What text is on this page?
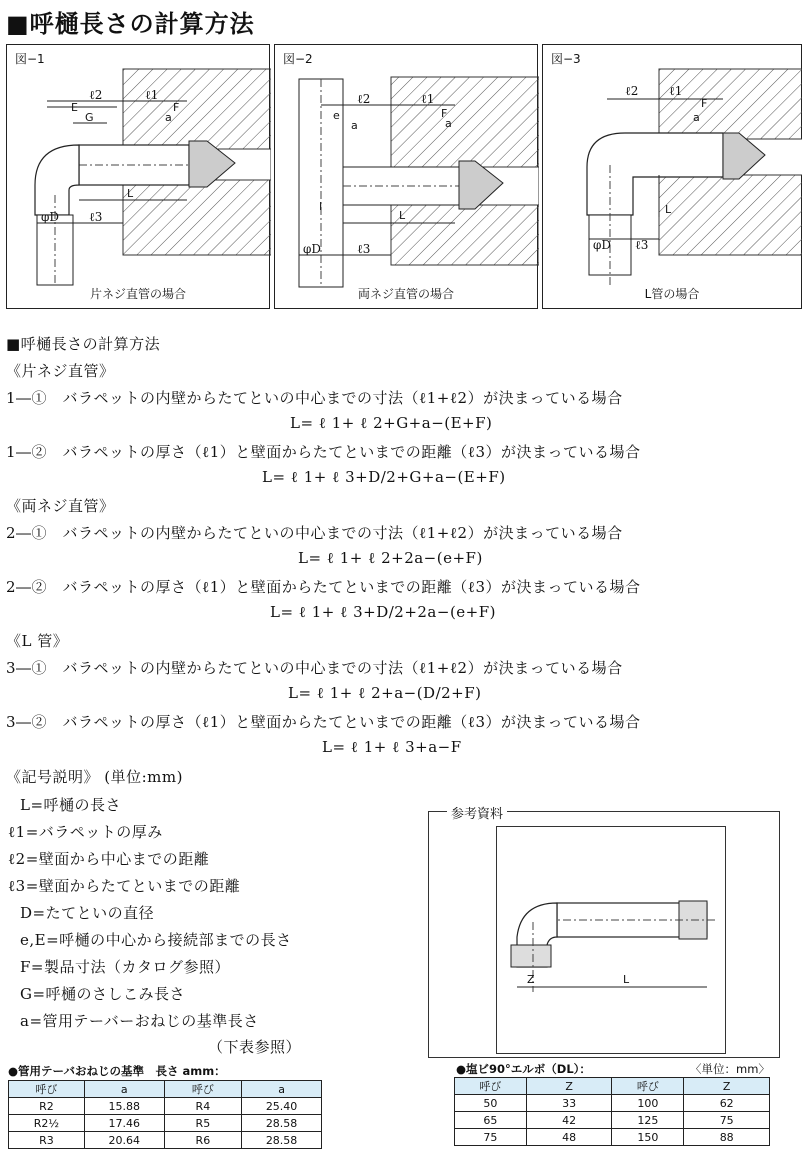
■呼樋長さの計算方法
図−1
ℓ2	ℓ1
E
G
F
a
L
φD ℓ3
片ネジ直管の場合
図−2
ℓ2	ℓ1
e
a
F
a
I
L
φD	ℓ3
両ネジ直管の場合
図−3
ℓ2	ℓ1
F
a
L
φD ℓ3
L管の場合
■呼樋長さの計算方法
《片ネジ直管》
1―①　バラペットの内壁からたてといの中心までの寸法（ℓ1+ℓ2）が決まっている場合
L= ℓ 1+ ℓ 2+G+a−(E+F)
1―②　バラペットの厚さ（ℓ1）と壁面からたてといまでの距離（ℓ3）が決まっている場合
L= ℓ 1+ ℓ 3+D/2+G+a−(E+F)
《両ネジ直管》
2―①　バラペットの内壁からたてといの中心までの寸法（ℓ1+ℓ2）が決まっている場合
L= ℓ 1+ ℓ 2+2a−(e+F)
2―②　バラペットの厚さ（ℓ1）と壁面からたてといまでの距離（ℓ3）が決まっている場合
L= ℓ 1+ ℓ 3+D/2+2a−(e+F)
《L 管》
3―①　バラペットの内壁からたてといの中心までの寸法（ℓ1+ℓ2）が決まっている場合
L= ℓ 1+ ℓ 2+a−(D/2+F)
3―②　バラペットの厚さ（ℓ1）と壁面からたてといまでの距離（ℓ3）が決まっている場合
L= ℓ 1+ ℓ 3+a−F
《記号説明》 (単位:mm)
L=呼樋の長さ
ℓ1=バラペットの厚み
ℓ2=壁面から中心までの距離
ℓ3=壁面からたてといまでの距離
D=たてといの直径
e,E=呼樋の中心から接続部までの長さ
F=製品寸法（カタログ参照）
G=呼樋のさしこみ長さ
a=管用テーバーおねじの基準長さ
（下表参照）
●管用テーバおねじの基準　長さ amm：
呼び	a	呼び	a
R2	15.88	R4	25.40
R2½	17.46	R5	28.58
R3	20.64	R6	28.58
参考資料
Z	L
●塩ビ90°エルボ（DL）：	〈単位：mm〉
呼び	Z	呼び	Z
50	33	100	62
65	42	125	75
75	48	150	88
